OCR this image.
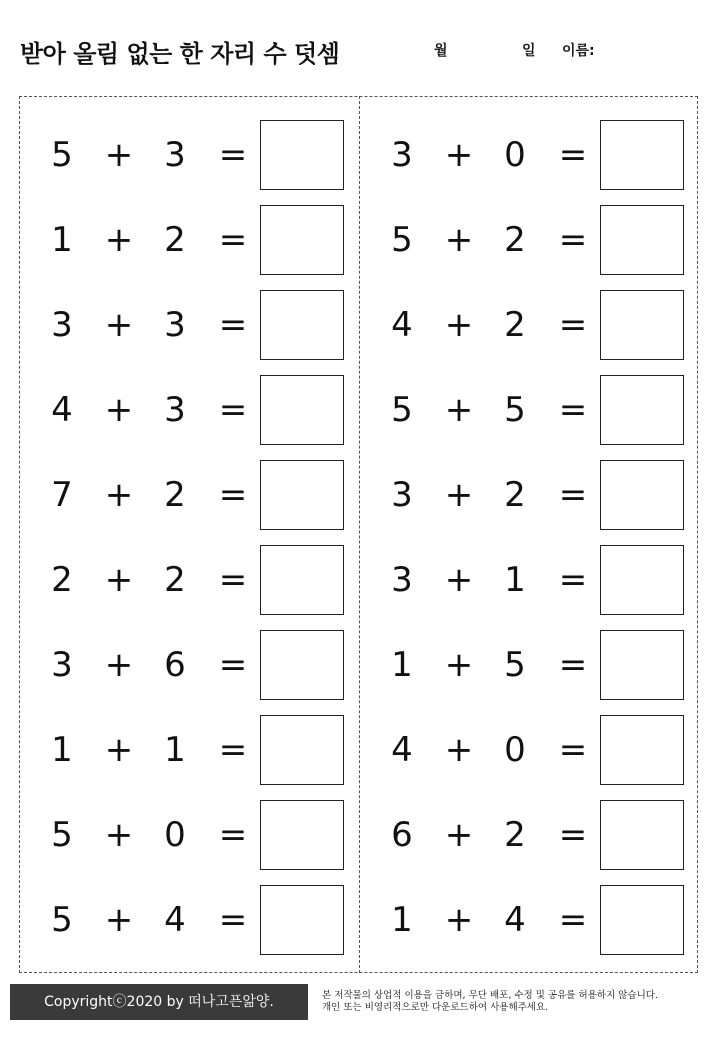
받아 올림 없는 한 자리 수 덧셈	월	일 이름:
5 + 3 =
1 + 2 =
3 + 3 =
4 + 3 =
7 + 2 =
2 + 2 =
3 + 6 =
1 + 1 =
5 + 0 =
5 + 4 =
3 + 0 =
5 + 2 =
4 + 2 =
5 + 5 =
3 + 2 =
3 + 1 =
1 + 5 =
4 + 0 =
6 + 2 =
1 + 4 =
Copyrightⓒ2020 by 떠나고픈앎양.	본 저작물의 상업적 이용을 금하며, 무단 배포, 수정 및 공유를 허용하지 않습니다.
개인 또는 비영리적으로만 다운로드하여 사용해주세요.
